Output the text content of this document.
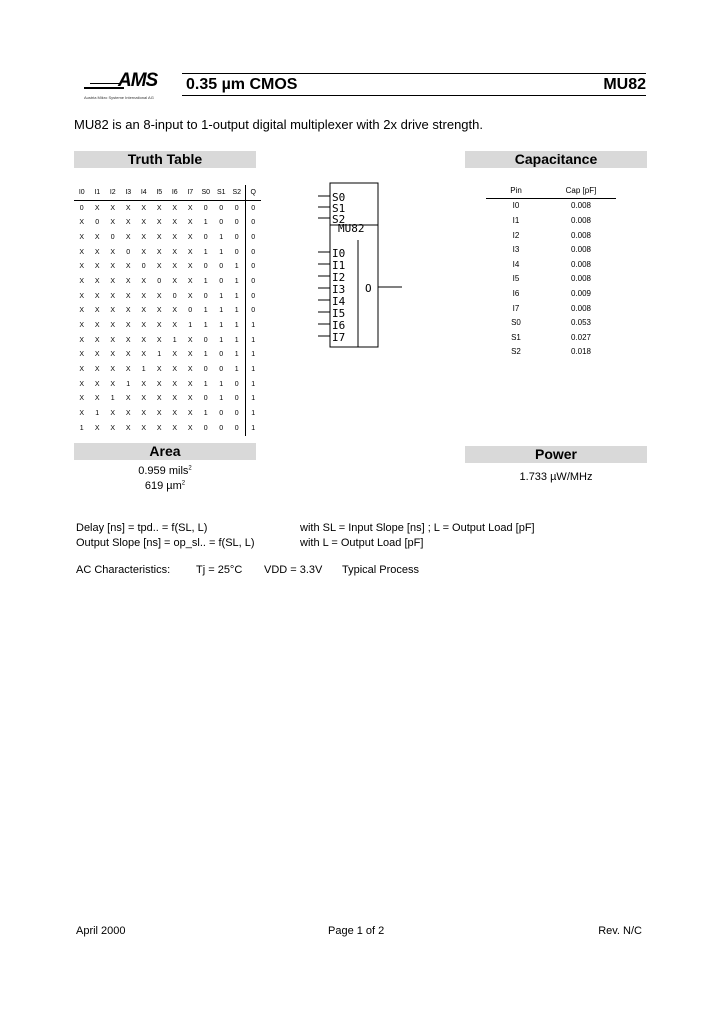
AMS
Austria Mikro Systeme International AG
0.35 µm CMOS	MU82
MU82 is an 8-input to 1-output digital multiplexer with 2x drive strength.
Truth Table
I0	I1	I2	I3	I4	I5	I6	I7	S0	S1	S2	Q
0	X	X	X	X	X	X	X	0	0	0	0
X	0	X	X	X	X	X	X	1	0	0	0
X	X	0	X	X	X	X	X	0	1	0	0
X	X	X	0	X	X	X	X	1	1	0	0
X	X	X	X	0	X	X	X	0	0	1	0
X	X	X	X	X	0	X	X	1	0	1	0
X	X	X	X	X	X	0	X	0	1	1	0
X	X	X	X	X	X	X	0	1	1	1	0
X	X	X	X	X	X	X	1	1	1	1	1
X	X	X	X	X	X	1	X	0	1	1	1
X	X	X	X	X	1	X	X	1	0	1	1
X	X	X	X	1	X	X	X	0	0	1	1
X	X	X	1	X	X	X	X	1	1	0	1
X	X	1	X	X	X	X	X	0	1	0	1
X	1	X	X	X	X	X	X	1	0	0	1
1	X	X	X	X	X	X	X	0	0	0	1
S0
S1
S2
MU82
I0
I1
I2
I3
I4
I5
I6
I7
O
Capacitance
Pin	Cap [pF]
I0	0.008
I1	0.008
I2	0.008
I3	0.008
I4	0.008
I5	0.008
I6	0.009
I7	0.008
S0	0.053
S1	0.027
S2	0.018
Area
0.959 mils$^2$
619 µm$^2$
Power
1.733 µW/MHz
Delay [ns] = tpd.. = f(SL, L)	with SL = Input Slope [ns] ; L = Output Load [pF]
Output Slope [ns] = op_sl.. = f(SL, L)	with L = Output Load [pF]
AC Characteristics: Tj = 25°C VDD = 3.3V Typical Process
April 2000	Page 1 of 2	Rev. N/C
